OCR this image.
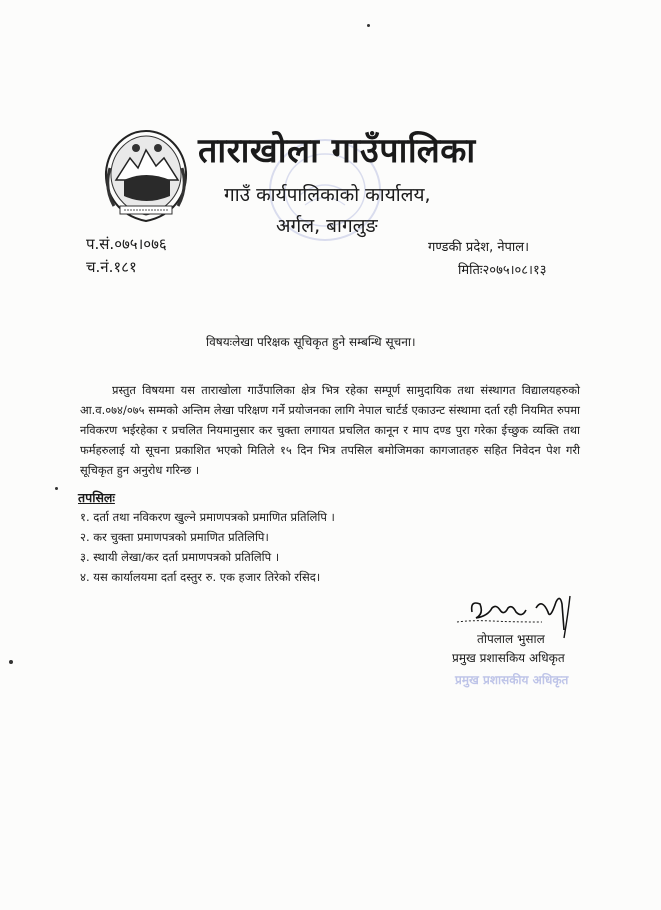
ताराखोला गाउँपालिका
गाउँ कार्यपालिकाको कार्यालय,
अर्गल, बागलुङ
प.सं.०७५।०७६
च.नं.१८१
गण्डकी प्रदेश, नेपाल।
मितिः२०७५।०८।१३
विषयःलेखा परिक्षक सूचिकृत हुने सम्बन्धि सूचना।

प्रस्तुत विषयमा यस ताराखोला गाउँपालिका क्षेत्र भित्र रहेका सम्पूर्ण सामुदायिक तथा संस्थागत विद्यालयहरुको आ.व.०७४/०७५ सम्मको अन्तिम लेखा परिक्षण गर्ने प्रयोजनका लागि नेपाल चार्टर्ड एकाउन्ट संस्थामा दर्ता रही नियमित रुपमा नविकरण भईरहेका र प्रचलित नियमानुसार कर चुक्ता लगायत प्रचलित कानून र माप दण्ड पुरा गरेका ईच्छुक व्यक्ति तथा फर्महरुलाई यो सूचना प्रकाशित भएको मितिले १५ दिन भित्र तपसिल बमोजिमका कागजातहरु सहित निवेदन पेश गरी सूचिकृत हुन अनुरोध गरिन्छ ।

तपसिलः
१. दर्ता तथा नविकरण खुल्ने प्रमाणपत्रको प्रमाणित प्रतिलिपि ।
२. कर चुक्ता प्रमाणपत्रको प्रमाणित प्रतिलिपि।
३. स्थायी लेखा/कर दर्ता प्रमाणपत्रको प्रतिलिपि ।
४. यस कार्यालयमा दर्ता दस्तुर रु. एक हजार तिरेको रसिद।
तोपलाल भुसाल
प्रमुख प्रशासकिय अधिकृत
प्रमुख प्रशासकीय अधिकृत
